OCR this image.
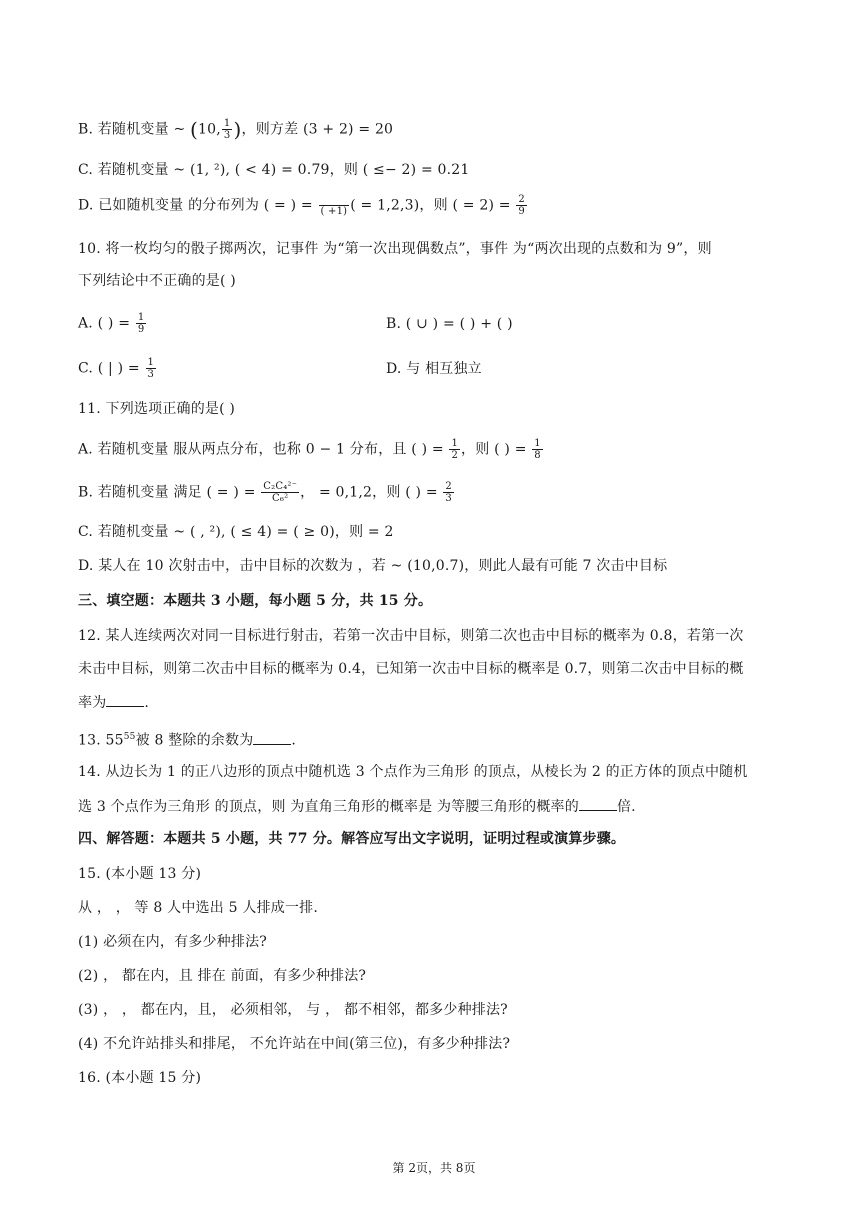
B. 若随机变量 ~ (10, $\frac{1}{3}$ )，则方差 (3 + 2) = 20
C. 若随机变量 ~ (1, ²), ( < 4) = 0.79，则 ( ≤− 2) = 0.21
D. 已如随机变量 的分布列为 ( = ) =
( +1) ( = 1,2,3)，则 ( = $2) = \frac{2}{9}$
10. 将一枚均匀的骰子掷两次，记事件 为“第一次出现偶数点”，事件 为“两次出现的点数和为 9”，则
下列结论中不正确的是( )
A. ( ) = $\frac{1}{9}$	B. ( ∪ ) = ( ) + ( )
C. ( | ) = $\frac{1}{3}$	D. 与 相互独立
11. 下列选项正确的是( )
A. 若随机变量 服从两点分布，也称 0 − 1 分布，且 ( ) = $\frac{1}{2}$ ，则 ( ) = $\frac{1}{8}$
B. 若随机变量 满足 ( = ) = $\frac{\text{C₂C₄²⁻}}{\text{C₆²}}$ ， = 0,1,2，则 ( ) = $\frac{2}{3}$
C. 若随机变量 ~ ( , ²), ( ≤ 4) = ( ≥ 0)，则 = 2
D. 某人在 10 次射击中，击中目标的次数为 ，若 ~ (10,0.7)，则此人最有可能 7 次击中目标
三、填空题：本题共 3 小题，每小题 5 分，共 15 分。
12. 某人连续两次对同一目标进行射击，若第一次击中目标，则第二次也击中目标的概率为 0.8，若第一次
未击中目标，则第二次击中目标的概率为 0.4，已知第一次击中目标的概率是 0.7，则第二次击中目标的概
率为	.
13. $55^{55}$被 8 整除的余数为	.
14. 从边长为 1 的正八边形的顶点中随机选 3 个点作为三角形 的顶点，从棱长为 2 的正方体的顶点中随机
选 3 个点作为三角形 的顶点，则 为直角三角形的概率是 为等腰三角形的概率的	倍.
四、解答题：本题共 5 小题，共 77 分。解答应写出文字说明，证明过程或演算步骤。
15. (本小题 13 分)
从 ， ， 等 8 人中选出 5 人排成一排.
(1) 必须在内，有多少种排法?
(2) ， 都在内，且 排在 前面，有多少种排法?
(3) ， ， 都在内，且， 必须相邻， 与 ， 都不相邻，都多少种排法?
(4) 不允许站排头和排尾， 不允许站在中间(第三位)，有多少种排法?
16. (本小题 15 分)
第 2页，共 8页
